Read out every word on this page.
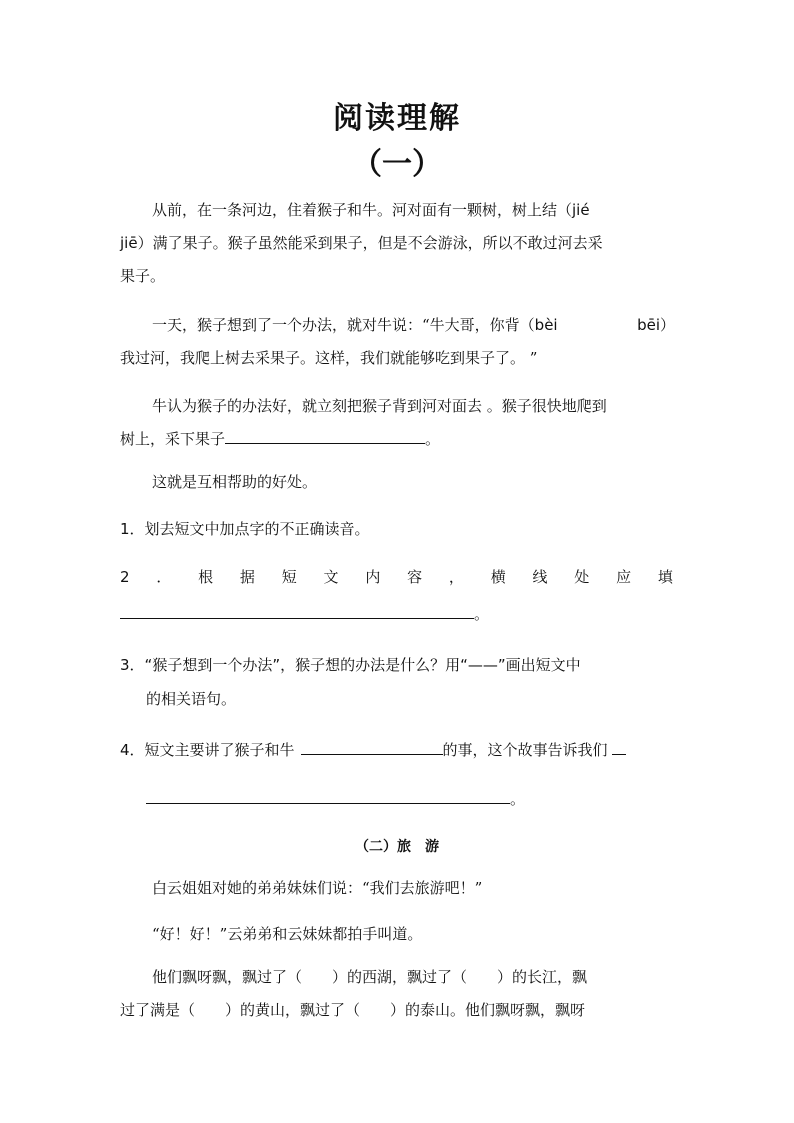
阅读理解
（一）
从前，在一条河边，住着猴子和牛。河对面有一颗树，树上结（jié
jiē）满了果子。猴子虽然能采到果子，但是不会游泳，所以不敢过河去采
果子。
一天，猴子想到了一个办法，就对牛说：“牛大哥，你背（ bèi	bēi ）
我过河，我爬上树去采果子。这样，我们就能够吃到果子了。 ”
牛认为猴子的办法好，就立刻把猴子背到河对面去 。猴子很快地爬到
树上，采下果子	。
这就是互相帮助的好处。
1．划去短文中加点字的不正确读音。
2 ． 根 据 短 文 内 容 ， 横 线 处 应 填
。
3．“猴子想到一个办法”，猴子想的办法是什么？用“——”画出短文中
的相关语句。
4．短文主要讲了猴子和牛	的事，这个故事告诉我们
。
（二）旅　游
白云姐姐对她的弟弟妹妹们说：“我们去旅游吧！”
“好！好！”云弟弟和云妹妹都拍手叫道。
他们飘呀飘，飘过了（　　）的西湖，飘过了（　　）的长江，飘
过了满是（　　）的黄山，飘过了（　　）的泰山。他们飘呀飘，飘呀
